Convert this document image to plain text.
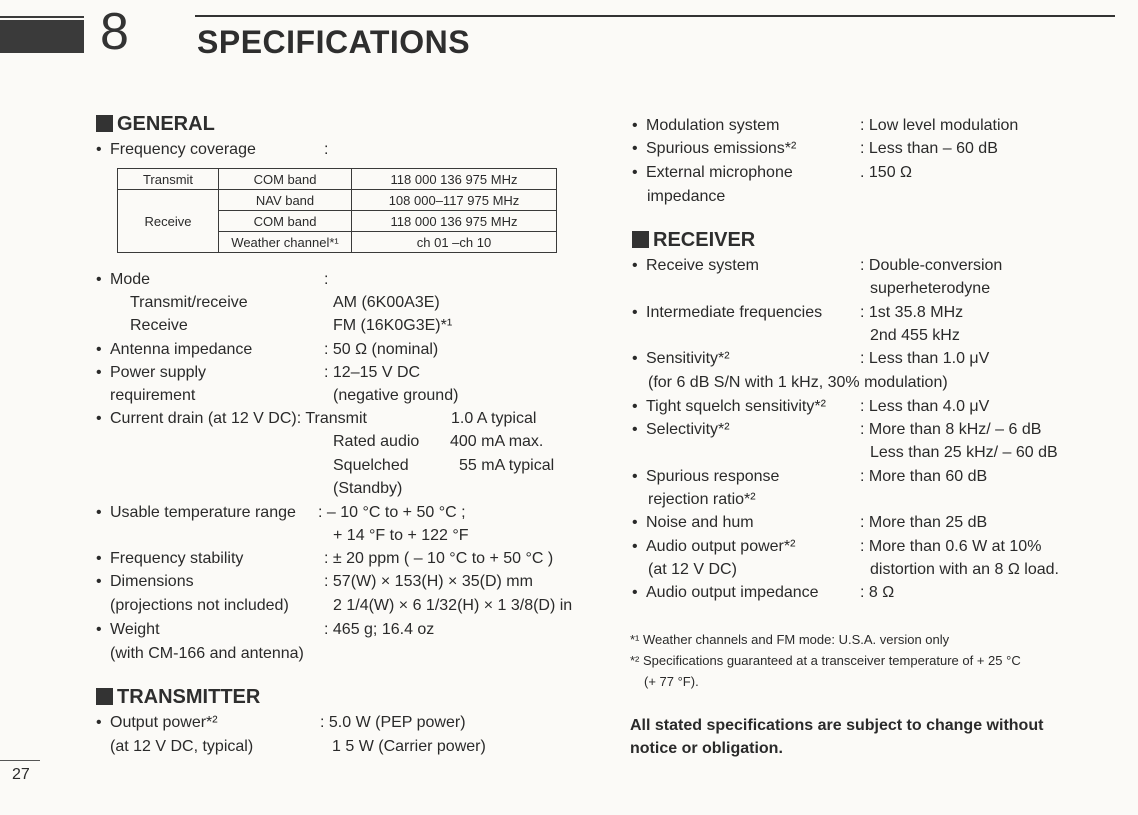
8 SPECIFICATIONS
GENERAL
• Frequency coverage	:
Transmit	COM band	118 000 136 975 MHz
Receive	NAV band	108 000–117 975 MHz
	COM band	118 000 136 975 MHz
	Weather channel*¹	ch 01 –ch 10
• Mode	:
Transmit/receive	AM (6K00A3E)
Receive	FM (16K0G3E)*¹
• Antenna impedance	: 50 Ω (nominal)
• Power supply	: 12–15 V DC
requirement	(negative ground)
• Current drain (at 12 V DC): Transmit	1.0 A typical
Rated audio 400 mA max.
Squelched	55 mA typical
(Standby)
• Usable temperature range : – 10 °C to + 50 °C ;
+ 14 °F to + 122 °F
• Frequency stability	: ± 20 ppm ( – 10 °C to + 50 °C )
• Dimensions	: 57(W) × 153(H) × 35(D) mm
(projections not included)	2 1/4(W) × 6 1/32(H) × 1 3/8(D) in
• Weight	: 465 g; 16.4 oz
(with CM-166 and antenna)
TRANSMITTER
• Output power*²	: 5.0 W (PEP power)
(at 12 V DC, typical)	1 5 W (Carrier power)
• Modulation system	: Low level modulation
• Spurious emissions*²	: Less than – 60 dB
• External microphone	. 150 Ω
impedance
RECEIVER
• Receive system	: Double-conversion
superheterodyne
• Intermediate frequencies : 1st 35.8 MHz
2nd 455 kHz
• Sensitivity*²	: Less than 1.0 μV
(for 6 dB S/N with 1 kHz, 30% modulation)
• Tight squelch sensitivity*² : Less than 4.0 μV
• Selectivity*²	: More than 8 kHz/ – 6 dB
Less than 25 kHz/ – 60 dB
• Spurious response	: More than 60 dB
rejection ratio*²
• Noise and hum	: More than 25 dB
• Audio output power*²	: More than 0.6 W at 10%
(at 12 V DC)	distortion with an 8 Ω load.
• Audio output impedance	: 8 Ω
*¹ Weather channels and FM mode: U.S.A. version only
*² Specifications guaranteed at a transceiver temperature of + 25 °C
(+ 77 °F).
All stated specifications are subject to change without
notice or obligation.
27
